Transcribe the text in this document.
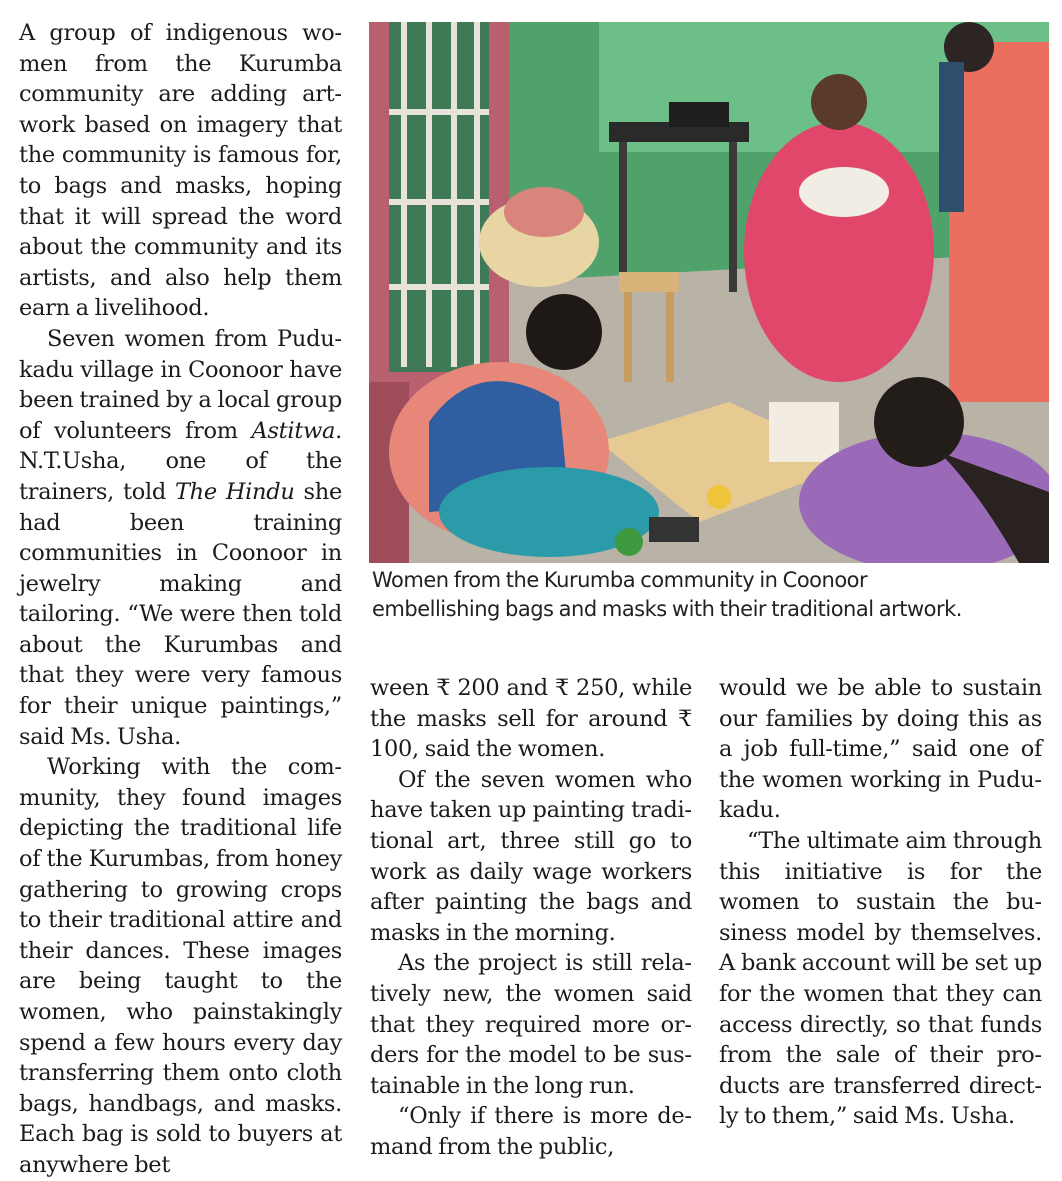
A group of indigenous women from the Kurumba community are adding artwork based on imagery that the community is famous for, to bags and masks, hoping that it will spread the word about the community and its artists, and also help them earn a livelihood.

Seven women from Pudukadu village in Coonoor have been trained by a local group of volunteers from Astitwa. N.T.Usha, one of the trainers, told The Hindu she had been training communities in Coonoor in jewelry making and tailoring. “We were then told about the Kurumbas and that they were very famous for their unique paintings,” said Ms. Usha.

Working with the community, they found images depicting the traditional life of the Kurumbas, from honey gathering to growing crops to their traditional attire and their dances. These images are being taught to the women, who painstakingly spend a few hours every day transferring them onto cloth bags, handbags, and masks. Each bag is sold to buyers at anywhere bet

Women from the Kurumba community in Coonoor
embellishing bags and masks with their traditional artwork.

ween ₹ 200 and ₹ 250, while the masks sell for around ₹ 100, said the women.

Of the seven women who have taken up painting traditional art, three still go to work as daily wage workers after painting the bags and masks in the morning.

As the project is still relatively new, the women said that they required more orders for the model to be sustainable in the long run.

“Only if there is more demand from the public,

would we be able to sustain our families by doing this as a job full-time,” said one of the women working in Pudukadu.

“The ultimate aim through this initiative is for the women to sustain the business model by themselves. A bank account will be set up for the women that they can access directly, so that funds from the sale of their products are transferred directly to them,” said Ms. Usha.
